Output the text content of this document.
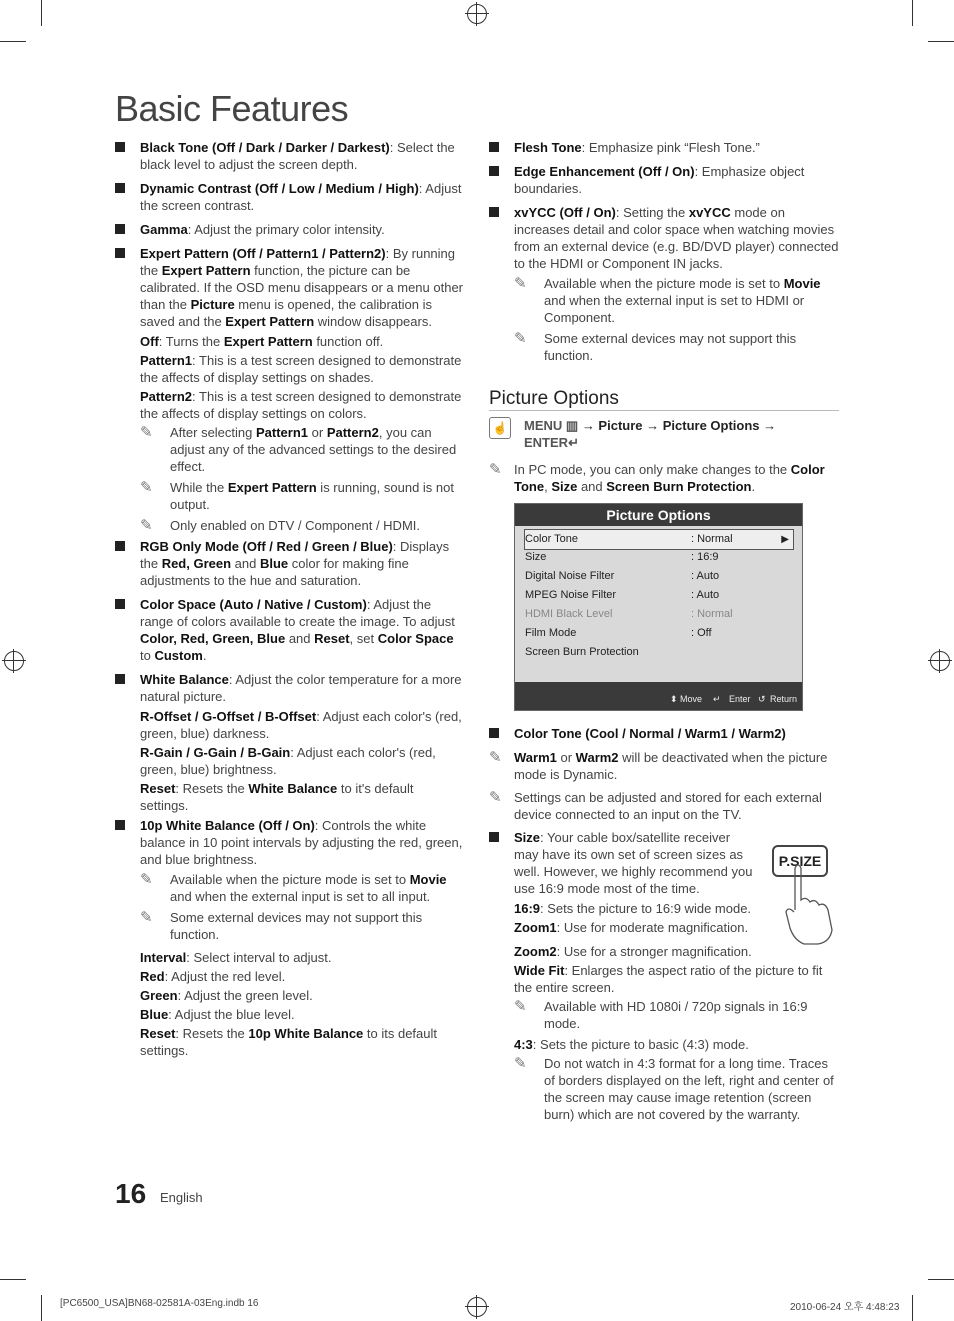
Basic Features
Black Tone (Off / Dark / Darker / Darkest): Select the black level to adjust the screen depth.
Dynamic Contrast (Off / Low / Medium / High): Adjust the screen contrast.
Gamma: Adjust the primary color intensity.
Expert Pattern (Off / Pattern1 / Pattern2): By running the Expert Pattern function, the picture can be calibrated. If the OSD menu disappears or a menu other than the Picture menu is opened, the calibration is saved and the Expert Pattern window disappears.

Off: Turns the Expert Pattern function off.

Pattern1: This is a test screen designed to demonstrate the affects of display settings on shades.

Pattern2: This is a test screen designed to demonstrate the affects of display settings on colors.

✎ After selecting Pattern1 or Pattern2, you can adjust any of the advanced settings to the desired effect.
✎ While the Expert Pattern is running, sound is not output.
✎ Only enabled on DTV / Component / HDMI.
RGB Only Mode (Off / Red / Green / Blue): Displays the Red, Green and Blue color for making fine adjustments to the hue and saturation.
Color Space (Auto / Native / Custom): Adjust the range of colors available to create the image. To adjust Color, Red, Green, Blue and Reset, set Color Space to Custom.
White Balance: Adjust the color temperature for a more natural picture.

R-Offset / G-Offset / B-Offset: Adjust each color's (red, green, blue) darkness.

R-Gain / G-Gain / B-Gain: Adjust each color's (red, green, blue) brightness.

Reset: Resets the White Balance to it's default settings.

10p White Balance (Off / On): Controls the white balance in 10 point intervals by adjusting the red, green, and blue brightness.
✎ Available when the picture mode is set to Movie and when the external input is set to all input.
✎ Some external devices may not support this function.

Interval: Select interval to adjust.

Red: Adjust the red level.

Green: Adjust the green level.

Blue: Adjust the blue level.

Reset: Resets the 10p White Balance to its default settings.

Flesh Tone: Emphasize pink “Flesh Tone.”
Edge Enhancement (Off / On): Emphasize object boundaries.
xvYCC (Off / On): Setting the xvYCC mode on increases detail and color space when watching movies from an external device (e.g. BD/DVD player) connected to the HDMI or Component IN jacks.
✎ Available when the picture mode is set to Movie and when the external input is set to HDMI or Component.
✎ Some external devices may not support this function.
Picture Options
☝ MENU ▥ → Picture → Picture Options →
ENTER↵
✎ In PC mode, you can only make changes to the Color Tone, Size and Screen Burn Protection.
Picture Options
Color Tone	: Normal	▶
Size	: 16:9
Digital Noise Filter	: Auto
MPEG Noise Filter	: Auto
HDMI Black Level	: Normal
Film Mode	: Off
Screen Burn Protection
⬍ Move ↵ Enter ↺ Return
Color Tone (Cool / Normal / Warm1 / Warm2)
✎ Warm1 or Warm2 will be deactivated when the picture mode is Dynamic.
✎ Settings can be adjusted and stored for each external device connected to an input on the TV.
Size: Your cable box/satellite receiver may have its own set of screen sizes as well. However, we highly recommend you use 16:9 mode most of the time.

16:9: Sets the picture to 16:9 wide mode.

Zoom1: Use for moderate magnification.

Zoom2: Use for a stronger magnification.

Wide Fit: Enlarges the aspect ratio of the picture to fit the entire screen.

✎ Available with HD 1080i / 720p signals in 16:9 mode.

4:3: Sets the picture to basic (4:3) mode.

✎ Do not watch in 4:3 format for a long time. Traces of borders displayed on the left, right and center of the screen may cause image retention (screen burn) which are not covered by the warranty.
P.SIZE
16 English
[PC6500_USA]BN68-02581A-03Eng.indb 16	2010-06-24 오후 4:48:23
